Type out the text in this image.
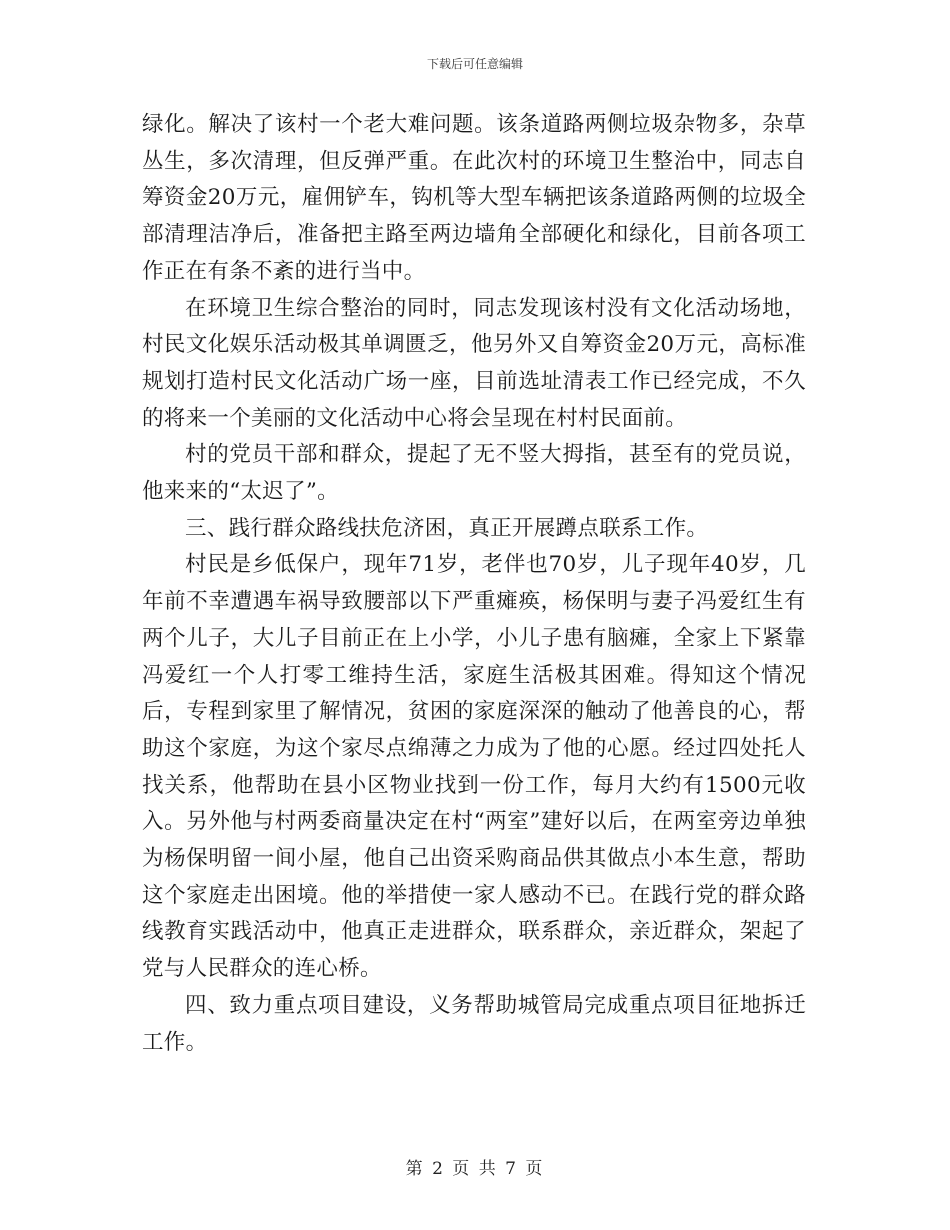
下载后可任意编辑

绿化。解决了该村一个老大难问题。该条道路两侧垃圾杂物多，杂草丛生，多次清理，但反弹严重。在此次村的环境卫生整治中，同志自筹资金20万元，雇佣铲车，钩机等大型车辆把该条道路两侧的垃圾全部清理洁净后，准备把主路至两边墙角全部硬化和绿化，目前各项工作正在有条不紊的进行当中。

在环境卫生综合整治的同时，同志发现该村没有文化活动场地，村民文化娱乐活动极其单调匮乏，他另外又自筹资金20万元，高标准规划打造村民文化活动广场一座，目前选址清表工作已经完成，不久的将来一个美丽的文化活动中心将会呈现在村村民面前。

村的党员干部和群众，提起了无不竖大拇指，甚至有的党员说，他来来的“太迟了”。

三、践行群众路线扶危济困，真正开展蹲点联系工作。

村民是乡低保户，现年71岁，老伴也70岁，儿子现年40岁，几年前不幸遭遇车祸导致腰部以下严重瘫痪，杨保明与妻子冯爱红生有两个儿子，大儿子目前正在上小学，小儿子患有脑瘫，全家上下紧靠冯爱红一个人打零工维持生活，家庭生活极其困难。得知这个情况后，专程到家里了解情况，贫困的家庭深深的触动了他善良的心，帮助这个家庭，为这个家尽点绵薄之力成为了他的心愿。经过四处托人找关系，他帮助在县小区物业找到一份工作，每月大约有1500元收入。另外他与村两委商量决定在村“两室”建好以后，在两室旁边单独为杨保明留一间小屋，他自己出资采购商品供其做点小本生意，帮助这个家庭走出困境。他的举措使一家人感动不已。在践行党的群众路线教育实践活动中，他真正走进群众，联系群众，亲近群众，架起了党与人民群众的连心桥。

四、致力重点项目建设，义务帮助城管局完成重点项目征地拆迁工作。

第 2 页 共 7 页
